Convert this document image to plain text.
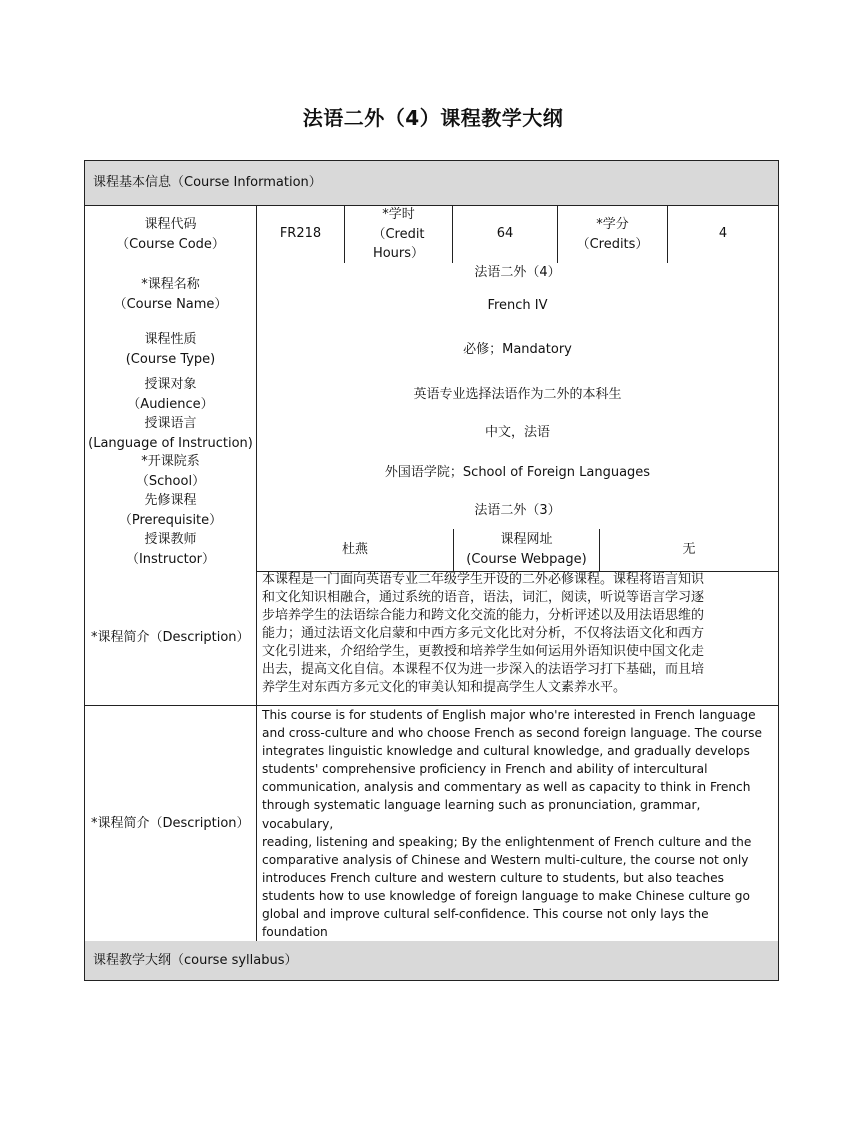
法语二外（4）课程教学大纲
课程基本信息（Course Information）
课程代码
（Course Code）
FR218
*学时
（Credit
Hours）
64
*学分
（Credits）
4
*课程名称
（Course Name）
法语二外（4）
French IV
课程性质
(Course Type)
必修；Mandatory
授课对象
（Audience）
英语专业选择法语作为二外的本科生
授课语言
(Language of Instruction)
中文，法语
*开课院系
（School）
外国语学院；School of Foreign Languages
先修课程
（Prerequisite）
法语二外（3）
授课教师
（Instructor）
杜燕
课程网址
(Course Webpage)
无
*课程简介（Description）
本课程是一门面向英语专业二年级学生开设的二外必修课程。课程将语言知识
和文化知识相融合，通过系统的语音，语法，词汇，阅读，听说等语言学习逐
步培养学生的法语综合能力和跨文化交流的能力，分析评述以及用法语思维的
能力；通过法语文化启蒙和中西方多元文化比对分析，不仅将法语文化和西方
文化引进来，介绍给学生，更教授和培养学生如何运用外语知识使中国文化走
出去，提高文化自信。本课程不仅为进一步深入的法语学习打下基础，而且培
养学生对东西方多元文化的审美认知和提高学生人文素养水平。
*课程简介（Description）
This course is for students of English major who're interested in French language
and cross-culture and who choose French as second foreign language. The course
integrates linguistic knowledge and cultural knowledge, and gradually develops
students' comprehensive proficiency in French and ability of intercultural
communication, analysis and commentary as well as capacity to think in French
through systematic language learning such as pronunciation, grammar, vocabulary,
reading, listening and speaking; By the enlightenment of French culture and the
comparative analysis of Chinese and Western multi-culture, the course not only
introduces French culture and western culture to students, but also teaches
students how to use knowledge of foreign language to make Chinese culture go
global and improve cultural self-confidence. This course not only lays the foundation
课程教学大纲（course syllabus）
